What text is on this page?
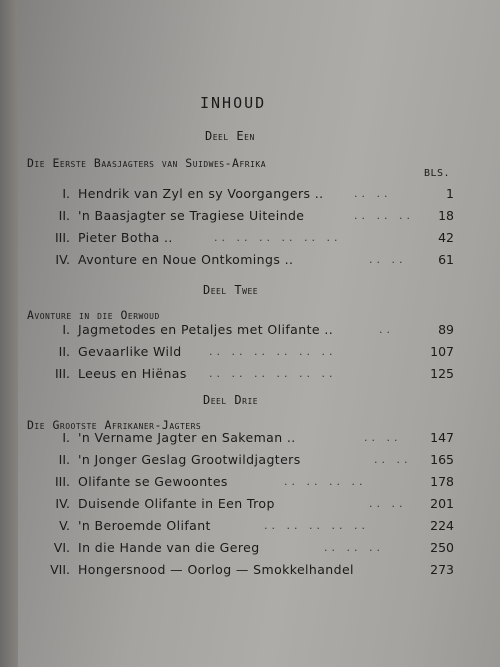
INHOUD
Deel Een
Die Eerste Baasjagters van Suidwes-Afrika
BLS.
I. Hendrik van Zyl en sy Voorgangers ..	.. ..	1
II. 'n Baasjagter se Tragiese Uiteinde	.. .. ..	18
III. Pieter Botha ..	.. .. .. .. .. ..	42
IV. Avonture en Noue Ontkomings ..	.. ..	61
Deel Twee
Avonture in die Oerwoud
I. Jagmetodes en Petaljes met Olifante ..	..	89
II. Gevaarlike Wild .. .. .. .. .. ..	107
III. Leeus en Hiënas .. .. .. .. .. ..	125
Deel Drie
Die Grootste Afrikaner-Jagters
I. 'n Vername Jagter en Sakeman ..	.. ..	147
II. 'n Jonger Geslag Grootwildjagters	.. ..	165
III. Olifante se Gewoontes	.. .. .. ..	178
IV. Duisende Olifante in Een Trop	.. ..	201
V. 'n Beroemde Olifant	.. .. .. .. ..	224
VI. In die Hande van die Gereg	.. .. ..	250
VII. Hongersnood — Oorlog — Smokkelhandel	273
